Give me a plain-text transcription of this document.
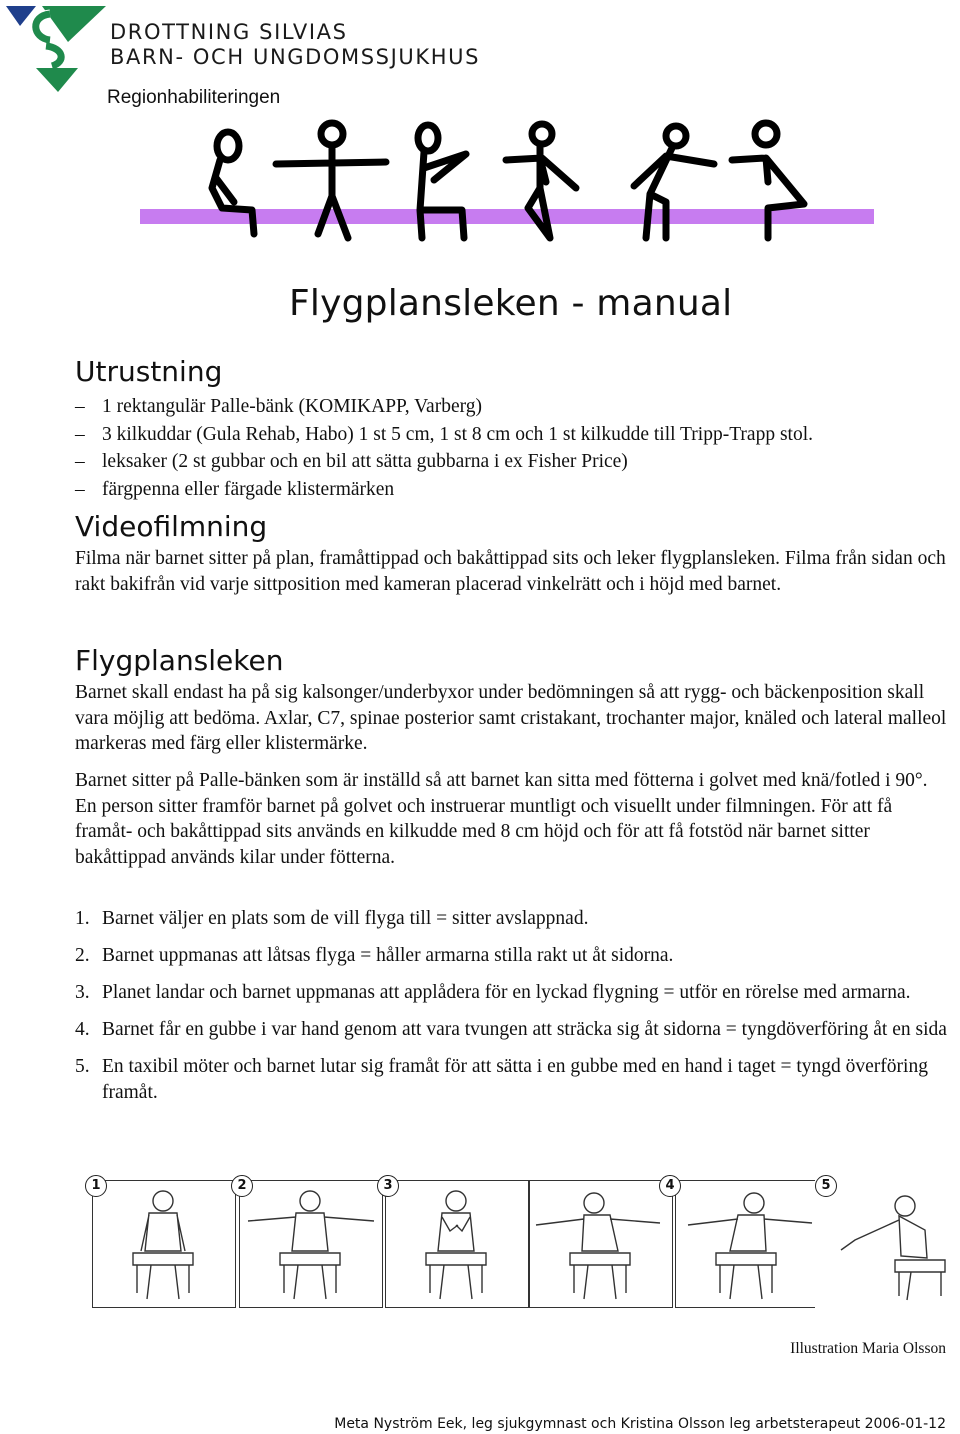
DROTTNING SILVIAS
BARN- OCH UNGDOMSSJUKHUS
Regionhabiliteringen
Flygplansleken - manual
Utrustning
– 1 rektangulär Palle-bänk (KOMIKAPP, Varberg)
– 3 kilkuddar (Gula Rehab, Habo) 1 st 5 cm, 1 st 8 cm och 1 st kilkudde till Tripp-Trapp stol.
– leksaker (2 st gubbar och en bil att sätta gubbarna i ex Fisher Price)
– färgpenna eller färgade klistermärken
Videofilmning

Filma när barnet sitter på plan, framåttippad och bakåttippad sits och leker flygplansleken. Filma från sidan och rakt bakifrån vid varje sittposition med kameran placerad vinkelrätt och i höjd med barnet.

Flygplansleken

Barnet skall endast ha på sig kalsonger/underbyxor under bedömningen så att rygg- och bäckenposition skall vara möjlig att bedöma. Axlar, C7, spinae posterior samt cristakant, trochanter major, knäled och lateral malleol markeras med färg eller klistermärke.

Barnet sitter på Palle-bänken som är inställd så att barnet kan sitta med fötterna i golvet med knä/fotled i 90°. En person sitter framför barnet på golvet och instruerar muntligt och visuellt under filmningen. För att få framåt- och bakåttippad sits används en kilkudde med 8 cm höjd och för att få fotstöd när barnet sitter bakåttippad används kilar under fötterna.

1. Barnet väljer en plats som de vill flyga till = sitter avslappnad.
2. Barnet uppmanas att låtsas flyga = håller armarna stilla rakt ut åt sidorna.
3. Planet landar och barnet uppmanas att applådera för en lyckad flygning = utför en rörelse med armarna.
4. Barnet får en gubbe i var hand genom att vara tvungen att sträcka sig åt sidorna = tyngdöverföring åt en sida
5. En taxibil möter och barnet lutar sig framåt för att sätta i en gubbe med en hand i taget = tyngd överföring framåt.
1	2	3	4	5
Illustration Maria Olsson
Meta Nyström Eek, leg sjukgymnast och Kristina Olsson leg arbetsterapeut 2006-01-12
